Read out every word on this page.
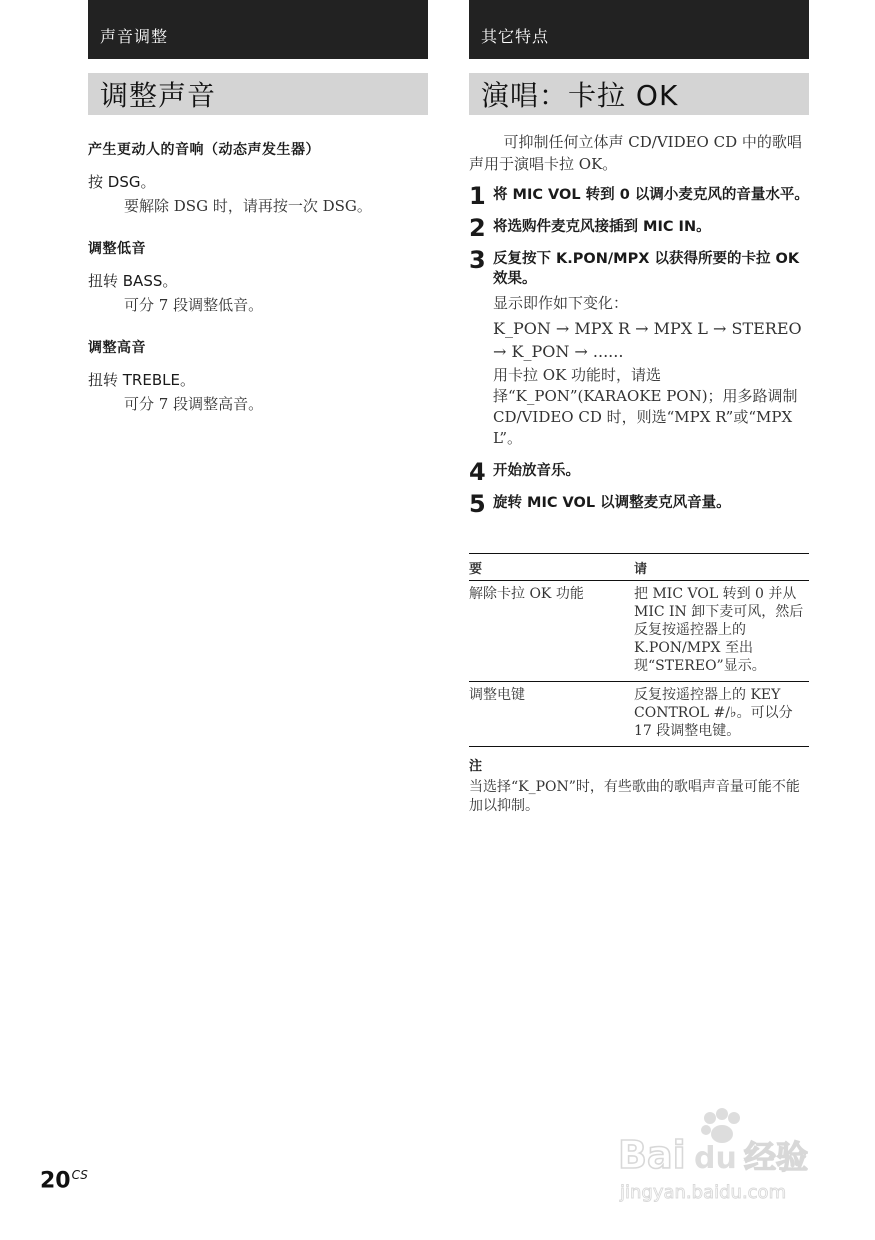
声音调整
调整声音
产生更动人的音响（动态声发生器）
按 DSG。
要解除 DSG 时，请再按一次 DSG。
调整低音
扭转 BASS。
可分 7 段调整低音。
调整高音
扭转 TREBLE。
可分 7 段调整高音。
其它特点
演唱：卡拉 OK
可抑制任何立体声 CD/VIDEO CD 中的歌唱声用于演唱卡拉 OK。
1 将 MIC VOL 转到 0 以调小麦克风的音量水平。
2 将选购件麦克风接插到 MIC IN。
3 反复按下 K.PON/MPX 以获得所要的卡拉 OK 效果。
显示即作如下变化：
K_PON → MPX R → MPX L → STEREO → K_PON → ......
用卡拉 OK 功能时，请选择“K_PON”(KARAOKE PON)；用多路调制 CD/VIDEO CD 时，则选“MPX R”或“MPX L”。
4 开始放音乐。
5 旋转 MIC VOL 以调整麦克风音量。
要	请
解除卡拉 OK 功能	把 MIC VOL 转到 0 并从 MIC IN 卸下麦可风，然后反复按遥控器上的 K.PON/MPX 至出现“STEREO”显示。
调整电键	反复按遥控器上的 KEY CONTROL #/♭。可以分 17 段调整电键。
注
当选择“K_PON”时，有些歌曲的歌唱声音量可能不能加以抑制。
$20^{CS}$	Bai du 经验
jingyan.baidu.com
